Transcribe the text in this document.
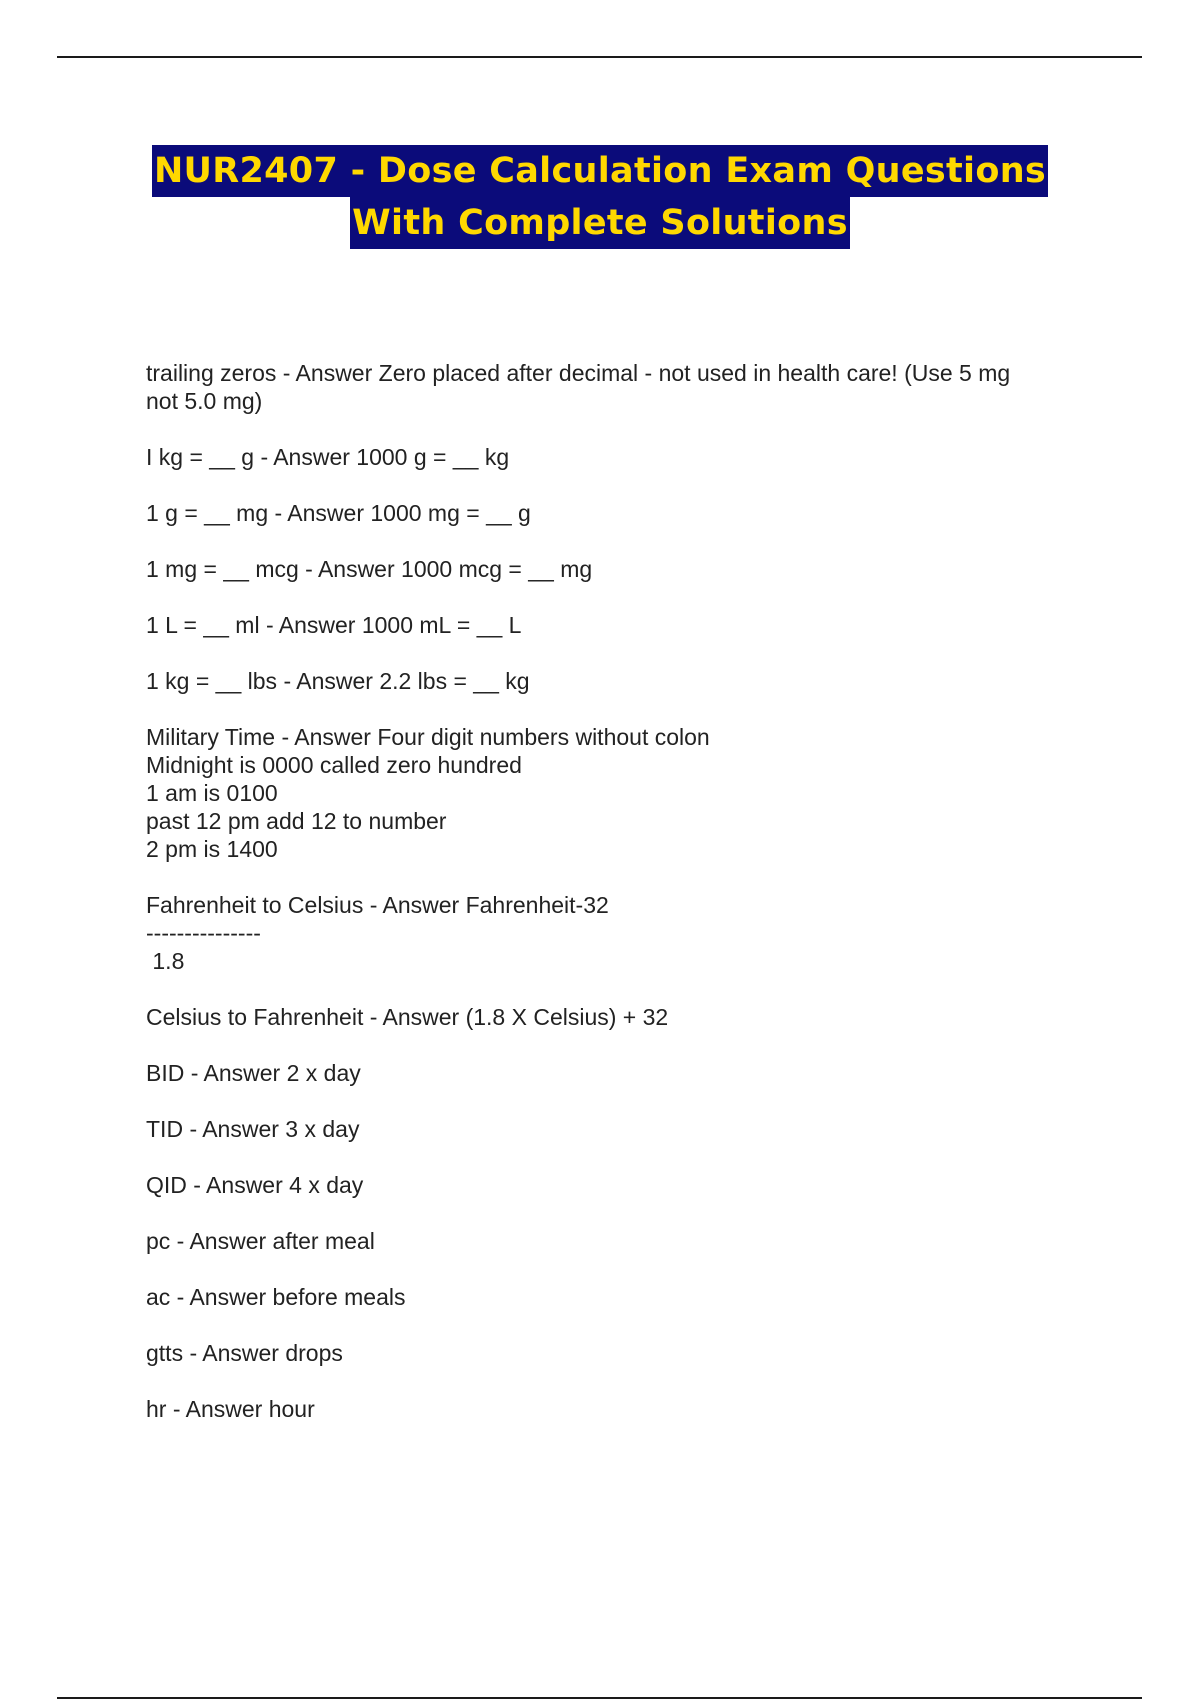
NUR2407 - Dose Calculation Exam Questions
With Complete Solutions
trailing zeros - Answer Zero placed after decimal - not used in health care! (Use 5 mg
not 5.0 mg)
I kg = __ g - Answer 1000 g = __ kg
1 g = __ mg - Answer 1000 mg = __ g
1 mg = __ mcg - Answer 1000 mcg = __ mg
1 L = __ ml - Answer 1000 mL = __ L
1 kg = __ lbs - Answer 2.2 lbs = __ kg
Military Time - Answer Four digit numbers without colon
Midnight is 0000 called zero hundred
1 am is 0100
past 12 pm add 12 to number
2 pm is 1400
Fahrenheit to Celsius - Answer Fahrenheit-32
---------------
1.8
Celsius to Fahrenheit - Answer (1.8 X Celsius) + 32
BID - Answer 2 x day
TID - Answer 3 x day
QID - Answer 4 x day
pc - Answer after meal
ac - Answer before meals
gtts - Answer drops
hr - Answer hour
